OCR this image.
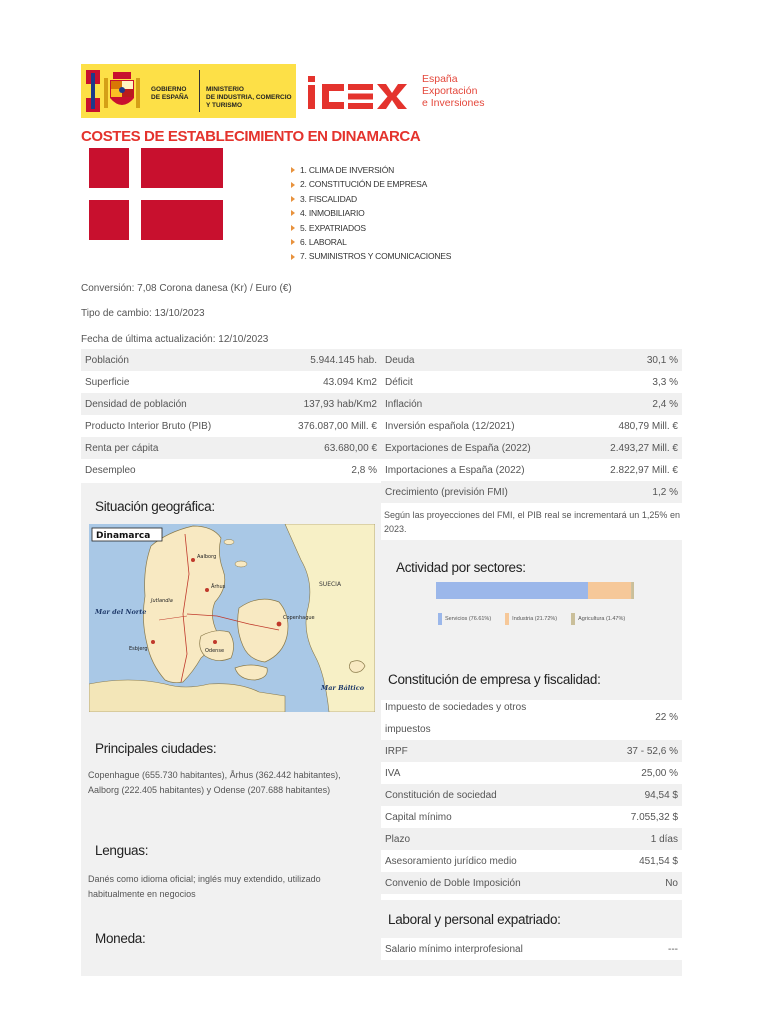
GOBIERNO
DE ESPAÑA
MINISTERIO
DE INDUSTRIA, COMERCIO
Y TURISMO
España
Exportación
e Inversiones
COSTES DE ESTABLECIMIENTO EN DINAMARCA
1. CLIMA DE INVERSIÓN
2. CONSTITUCIÓN DE EMPRESA
3. FISCALIDAD
4. INMOBILIARIO
5. EXPATRIADOS
6. LABORAL
7. SUMINISTROS Y COMUNICACIONES
Conversión: 7,08 Corona danesa (Kr) / Euro (€)
Tipo de cambio: 13/10/2023
Fecha de última actualización: 12/10/2023
Población	5.944.145 hab.
Superficie	43.094 Km2
Densidad de población	137,93 hab/Km2
Producto Interior Bruto (PIB)	376.087,00 Mill. €
Renta per cápita	63.680,00 €
Desempleo	2,8 %
Deuda	30,1 %
Déficit	3,3 %
Inflación	2,4 %
Inversión española (12/2021)	480,79 Mill. €
Exportaciones de España (2022)	2.493,27 Mill. €
Importaciones a España (2022)	2.822,97 Mill. €
Crecimiento (previsión FMI)	1,2 %
Según las proyecciones del FMI, el PIB real se incrementará un 1,25% en 2023.
Situación geográfica:
Mar del Norte
Mar Báltico
SUECIA
Copenhague
Aalborg
Århus
Odense
Esbjerg
Jutlandia
Dinamarca
Principales ciudades:
Copenhague (655.730 habitantes), Århus (362.442 habitantes), Aalborg (222.405 habitantes) y Odense (207.688 habitantes)
Lenguas:
Danés como idioma oficial; inglés muy extendido, utilizado habitualmente en negocios
Moneda:
Actividad por sectores:
Servicios (76.61%)	Industria (21.72%)	Agricultura (1.47%)
Constitución de empresa y fiscalidad:
Impuesto de sociedades y otros
impuestos
22 %
IRPF	37 - 52,6 %
IVA	25,00 %
Constitución de sociedad	94,54 $
Capital mínimo	7.055,32 $
Plazo	1 días
Asesoramiento jurídico medio	451,54 $
Convenio de Doble Imposición	No
Laboral y personal expatriado:
Salario mínimo interprofesional	---
